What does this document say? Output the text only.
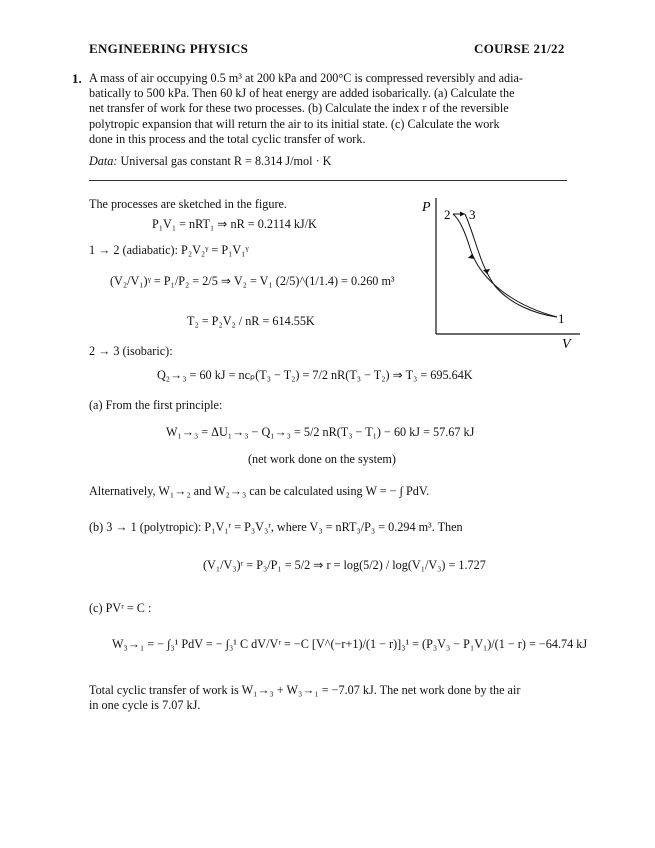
ENGINEERING PHYSICS	COURSE 21/22
1. A mass of air occupying 0.5 m³ at 200 kPa and 200°C is compressed reversibly and adia-
batically to 500 kPa. Then 60 kJ of heat energy are added isobarically. (a) Calculate the
net transfer of work for these two processes. (b) Calculate the index r of the reversible
polytropic expansion that will return the air to its initial state. (c) Calculate the work
done in this process and the total cyclic transfer of work.
Data: Universal gas constant R = 8.314 J/mol · K
The processes are sketched in the figure.
P₁V₁ = nRT₁ ⇒ nR = 0.2114 kJ/K
1 → 2 (adiabatic): P₂V₂ᵞ = P₁V₁ᵞ
(V₂/V₁)ᵞ = P₁/P₂ = 2/5 ⇒ V₂ = V₁ (2/5)^(1/1.4) = 0.260 m³
T₂ = P₂V₂ / nR = 614.55K
2 → 3 (isobaric):
Q₂→₃ = 60 kJ = ncₚ(T₃ − T₂) = 7/2 nR(T₃ − T₂) ⇒ T₃ = 695.64K
(a) From the first principle:
W₁→₃ = ΔU₁→₃ − Q₁→₃ = 5/2 nR(T₃ − T₁) − 60 kJ = 57.67 kJ
(net work done on the system)
Alternatively, W₁→₂ and W₂→₃ can be calculated using W = − ∫ PdV.
(b) 3 → 1 (polytropic): P₁V₁ʳ = P₃V₃ʳ, where V₃ = nRT₃/P₃ = 0.294 m³. Then
(V₁/V₃)ʳ = P₃/P₁ = 5/2 ⇒ r = log(5/2) / log(V₁/V₃) = 1.727
(c) PVʳ = C :
W₃→₁ = − ∫₃¹ PdV = − ∫₃¹ C dV/Vʳ = −C [V^(−r+1)/(1 − r)]₃¹ = (P₃V₃ − P₁V₁)/(1 − r) = −64.74 kJ
Total cyclic transfer of work is W₁→₃ + W₃→₁ = −7.07 kJ. The net work done by the air
in one cycle is 7.07 kJ.
P
V
2 3
1
